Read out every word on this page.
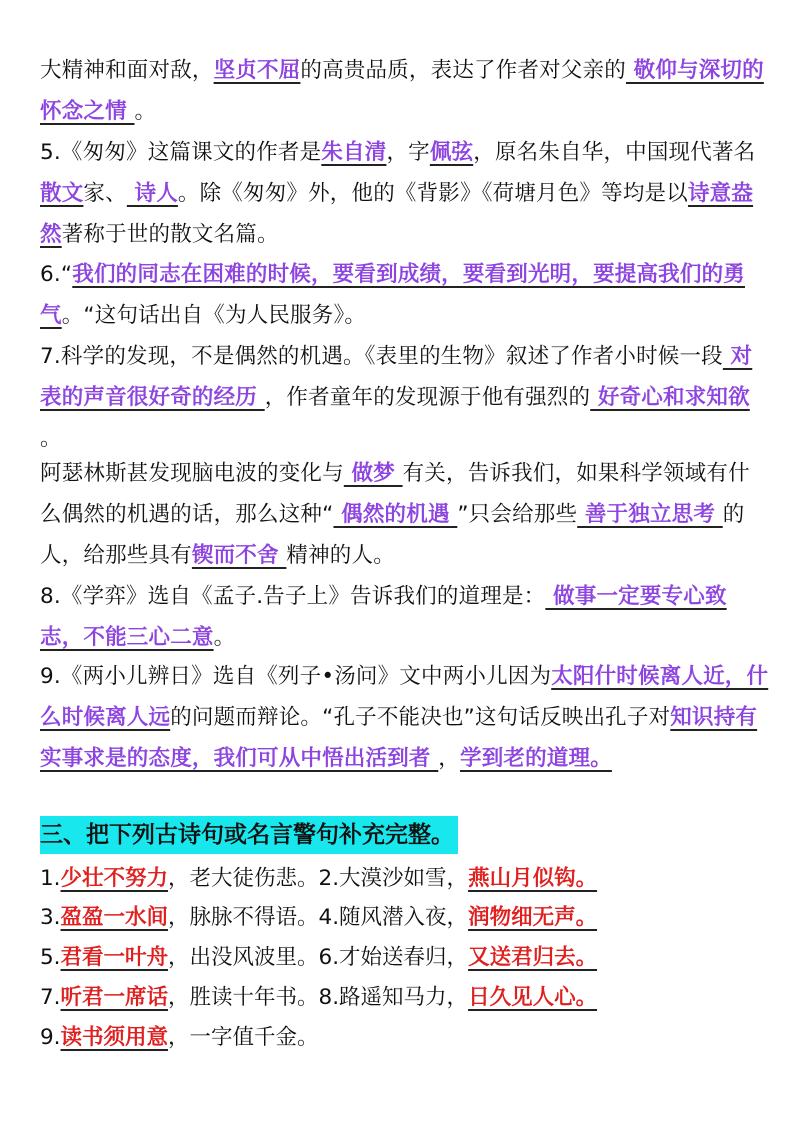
大精神和面对敌，坚贞不屈的高贵品质，表达了作者对父亲的 敬仰与深切的怀念之情 。
5.《匆匆》这篇课文的作者是朱自清，字佩弦，原名朱自华，中国现代著名散文家、 诗人。除《匆匆》外，他的《背影》《荷塘月色》等均是以诗意盎然著称于世的散文名篇。
6.“我们的同志在困难的时候，要看到成绩，要看到光明，要提高我们的勇气。“这句话出自《为人民服务》。
7.科学的发现，不是偶然的机遇。《表里的生物》叙述了作者小时候一段 对表的声音很好奇的经历 ，作者童年的发现源于他有强烈的 好奇心和求知欲 。
阿瑟林斯甚发现脑电波的变化与 做梦 有关，告诉我们，如果科学领域有什么偶然的机遇的话，那么这种“ 偶然的机遇 ”只会给那些 善于独立思考 的人，给那些具有锲而不舍 精神的人。
8.《学弈》选自《孟子.告子上》告诉我们的道理是： 做事一定要专心致志，不能三心二意。
9.《两小儿辨日》选自《列子•汤问》文中两小儿因为太阳什时候离人近，什么时候离人远的问题而辩论。“孔子不能决也”这句话反映出孔子对知识持有实事求是的态度，我们可从中悟出活到者 ，学到老的道理。
三、把下列古诗句或名言警句补充完整。
1.少壮不努力，老大徒伤悲。2.大漠沙如雪，燕山月似钩。
3.盈盈一水间，脉脉不得语。4.随风潜入夜，润物细无声。
5.君看一叶舟，出没风波里。6.才始送春归，又送君归去。
7.听君一席话，胜读十年书。8.路遥知马力，日久见人心。
9.读书须用意，一字值千金。
